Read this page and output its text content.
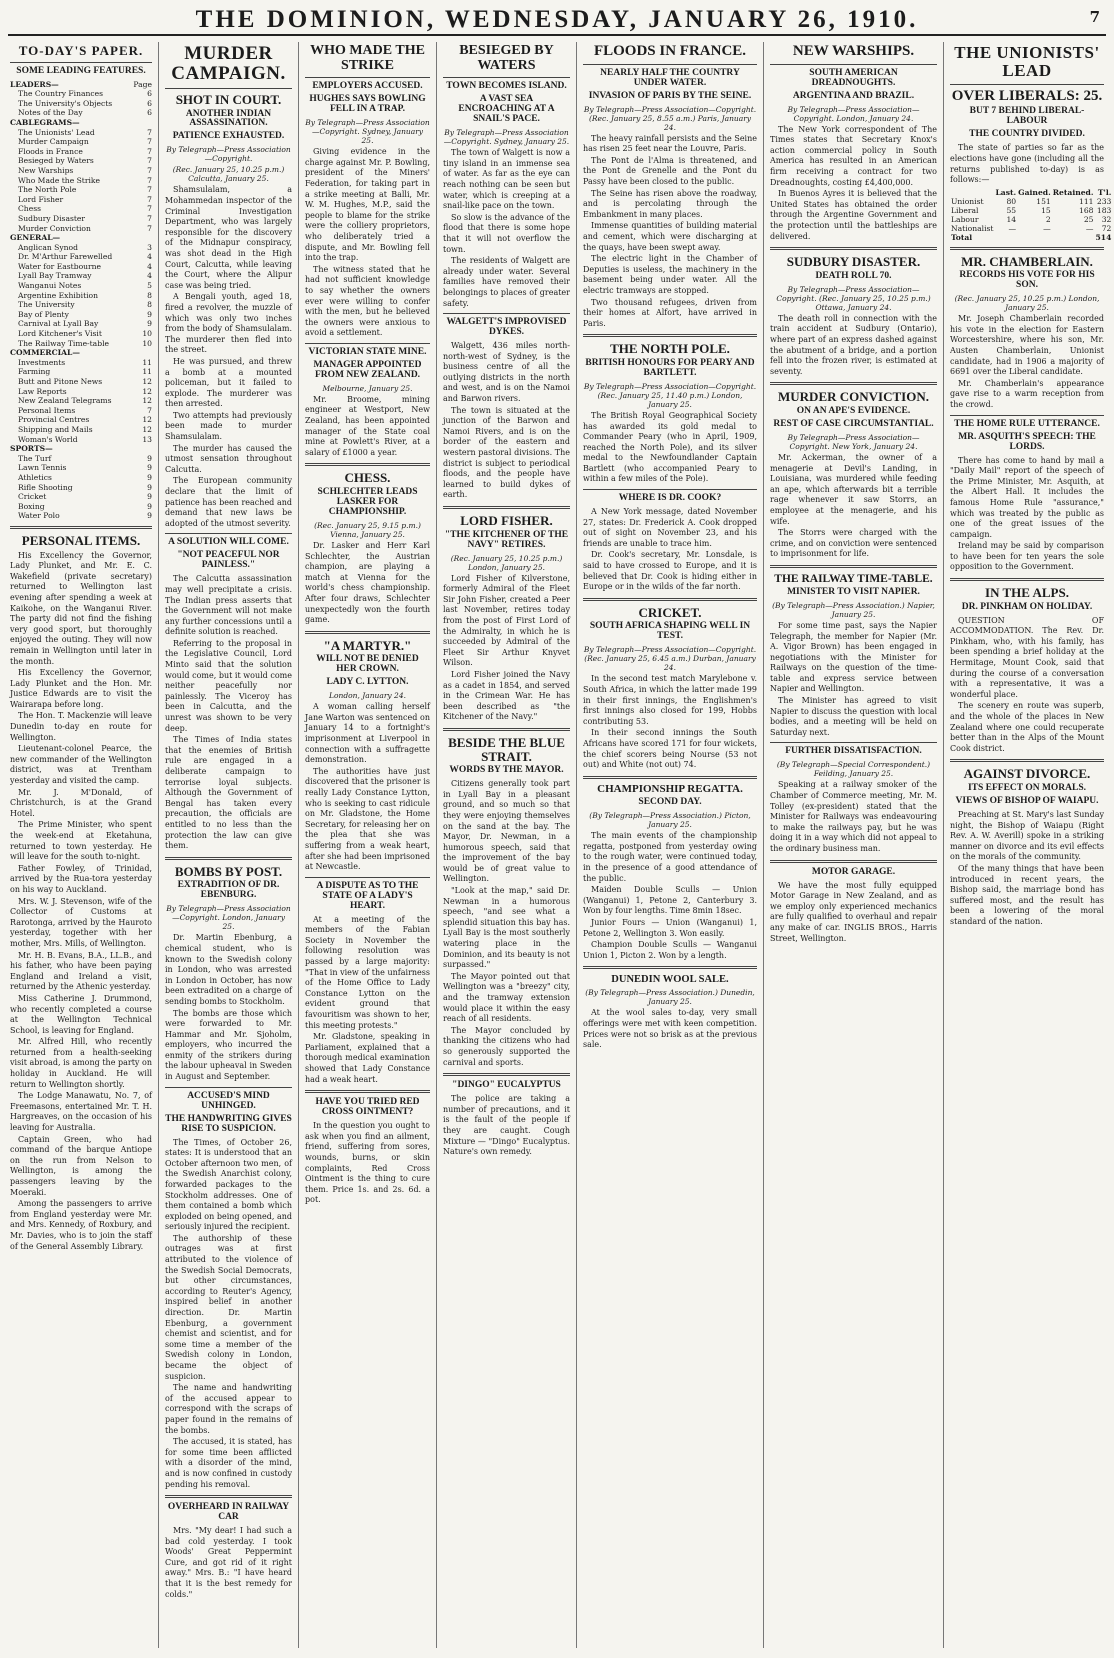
THE DOMINION, WEDNESDAY, JANUARY 26, 1910.	7
TO-DAY'S PAPER.
SOME LEADING FEATURES.
LEADERS—	Page
The Country Finances	6
The University's Objects	6
Notes of the Day	6
CABLEGRAMS—
The Unionists' Lead	7
Murder Campaign	7
Floods in France	7
Besieged by Waters	7
New Warships	7
Who Made the Strike	7
The North Pole	7
Lord Fisher	7
Chess	7
Sudbury Disaster	7
Murder Conviction	7
GENERAL—
Anglican Synod	3
Dr. M'Arthur Farewelled	4
Water for Eastbourne	4
Lyall Bay Tramway	4
Wanganui Notes	5
Argentine Exhibition	8
The University	8
Bay of Plenty	9
Carnival at Lyall Bay	9
Lord Kitchener's Visit	10
The Railway Time-table	10
COMMERCIAL—
Investments	11
Farming	11
Butt and Pitone News	12
Law Reports	12
New Zealand Telegrams	12
Personal Items	7
Provincial Centres	12
Shipping and Mails	12
Woman's World	13
SPORTS—
The Turf	9
Lawn Tennis	9
Athletics	9
Rifle Shooting	9
Cricket	9
Boxing	9
Water Polo	9
PERSONAL ITEMS.

His Excellency the Governor, Lady Plunket, and Mr. E. C. Wakefield (private secretary) returned to Wellington last evening after spending a week at Kaikohe, on the Wanganui River. The party did not find the fishing very good sport, but thoroughly enjoyed the outing. They will now remain in Wellington until later in the month.

His Excellency the Governor, Lady Plunket and the Hon. Mr. Justice Edwards are to visit the Wairarapa before long.

The Hon. T. Mackenzie will leave Dunedin to-day en route for Wellington.

Lieutenant-colonel Pearce, the new commander of the Wellington district, was at Trentham yesterday and visited the camp.

Mr. J. M'Donald, of Christchurch, is at the Grand Hotel.

The Prime Minister, who spent the week-end at Eketahuna, returned to town yesterday. He will leave for the south to-night.

Father Fowley, of Trinidad, arrived by the Rua-tora yesterday on his way to Auckland.

Mrs. W. J. Stevenson, wife of the Collector of Customs at Rarotonga, arrived by the Hauroto yesterday, together with her mother, Mrs. Mills, of Wellington.

Mr. H. B. Evans, B.A., LL.B., and his father, who have been paying England and Ireland a visit, returned by the Athenic yesterday.

Miss Catherine J. Drummond, who recently completed a course at the Wellington Technical School, is leaving for England.

Mr. Alfred Hill, who recently returned from a health-seeking visit abroad, is among the party on holiday in Auckland. He will return to Wellington shortly.

The Lodge Manawatu, No. 7, of Freemasons, entertained Mr. T. H. Hargreaves, on the occasion of his leaving for Australia.

Captain Green, who had command of the barque Antiope on the run from Nelson to Wellington, is among the passengers leaving by the Moeraki.

Among the passengers to arrive from England yesterday were Mr. and Mrs. Kennedy, of Roxbury, and Mr. Davies, who is to join the staff of the General Assembly Library.

MURDER CAMPAIGN.
SHOT IN COURT.
ANOTHER INDIAN ASSASSINATION.
PATIENCE EXHAUSTED.
By Telegraph—Press Association—Copyright.
(Rec. January 25, 10.25 p.m.) Calcutta, January 25.

Shamsulalam, a Mohammedan inspector of the Criminal Investigation Department, who was largely responsible for the discovery of the Midnapur conspiracy, was shot dead in the High Court, Calcutta, while leaving the Court, where the Alipur case was being tried.

A Bengali youth, aged 18, fired a revolver, the muzzle of which was only two inches from the body of Shamsulalam. The murderer then fled into the street.

He was pursued, and threw a bomb at a mounted policeman, but it failed to explode. The murderer was then arrested.

Two attempts had previously been made to murder Shamsulalam.

The murder has caused the utmost sensation throughout Calcutta.

The European community declare that the limit of patience has been reached and demand that new laws be adopted of the utmost severity.

A SOLUTION WILL COME.
"NOT PEACEFUL NOR PAINLESS."

The Calcutta assassination may well precipitate a crisis. The Indian press asserts that the Government will not make any further concessions until a definite solution is reached.

Referring to the proposal in the Legislative Council, Lord Minto said that the solution would come, but it would come neither peacefully nor painlessly. The Viceroy has been in Calcutta, and the unrest was shown to be very deep.

The Times of India states that the enemies of British rule are engaged in a deliberate campaign to terrorise loyal subjects. Although the Government of Bengal has taken every precaution, the officials are entitled to no less than the protection the law can give them.

BOMBS BY POST.
EXTRADITION OF DR. EBENBURG.
By Telegraph—Press Association—Copyright. London, January 25.

Dr. Martin Ebenburg, a chemical student, who is known to the Swedish colony in London, who was arrested in London in October, has now been extradited on a charge of sending bombs to Stockholm.

The bombs are those which were forwarded to Mr. Hammar and Mr. Sjoholm, employers, who incurred the enmity of the strikers during the labour upheaval in Sweden in August and September.

ACCUSED'S MIND UNHINGED.
THE HANDWRITING GIVES RISE TO SUSPICION.

The Times, of October 26, states: It is understood that an October afternoon two men, of the Swedish Anarchist colony, forwarded packages to the Stockholm addresses. One of them contained a bomb which exploded on being opened, and seriously injured the recipient.

The authorship of these outrages was at first attributed to the violence of the Swedish Social Democrats, but other circumstances, according to Reuter's Agency, inspired belief in another direction. Dr. Martin Ebenburg, a government chemist and scientist, and for some time a member of the Swedish colony in London, became the object of suspicion.

The name and handwriting of the accused appear to correspond with the scraps of paper found in the remains of the bombs.

The accused, it is stated, has for some time been afflicted with a disorder of the mind, and is now confined in custody pending his removal.

OVERHEARD IN RAILWAY CAR

Mrs. "My dear! I had such a bad cold yesterday. I took Woods' Great Peppermint Cure, and got rid of it right away." Mrs. B.: "I have heard that it is the best remedy for colds."

WHO MADE THE STRIKE
EMPLOYERS ACCUSED.
HUGHES SAYS BOWLING FELL IN A TRAP.
By Telegraph—Press Association—Copyright. Sydney, January 25.

Giving evidence in the charge against Mr. P. Bowling, president of the Miners' Federation, for taking part in a strike meeting at Balli, Mr. W. M. Hughes, M.P., said the people to blame for the strike were the colliery proprietors, who deliberately tried a dispute, and Mr. Bowling fell into the trap.

The witness stated that he had not sufficient knowledge to say whether the owners ever were willing to confer with the men, but he believed the owners were anxious to avoid a settlement.

VICTORIAN STATE MINE.
MANAGER APPOINTED FROM NEW ZEALAND.
Melbourne, January 25.

Mr. Broome, mining engineer at Westport, New Zealand, has been appointed manager of the State coal mine at Powlett's River, at a salary of £1000 a year.

CHESS.
SCHLECHTER LEADS LASKER FOR CHAMPIONSHIP.
(Rec. January 25, 9.15 p.m.) Vienna, January 25.

Dr. Lasker and Herr Karl Schlechter, the Austrian champion, are playing a match at Vienna for the world's chess championship. After four draws, Schlechter unexpectedly won the fourth game.

"A MARTYR."
WILL NOT BE DENIED HER CROWN.
LADY C. LYTTON.
London, January 24.

A woman calling herself Jane Warton was sentenced on January 14 to a fortnight's imprisonment at Liverpool in connection with a suffragette demonstration.

The authorities have just discovered that the prisoner is really Lady Constance Lytton, who is seeking to cast ridicule on Mr. Gladstone, the Home Secretary, for releasing her on the plea that she was suffering from a weak heart, after she had been imprisoned at Newcastle.

A DISPUTE AS TO THE STATE OF A LADY'S HEART.

At a meeting of the members of the Fabian Society in November the following resolution was passed by a large majority: "That in view of the unfairness of the Home Office to Lady Constance Lytton on the evident ground that favouritism was shown to her, this meeting protests."

Mr. Gladstone, speaking in Parliament, explained that a thorough medical examination showed that Lady Constance had a weak heart.

HAVE YOU TRIED RED CROSS OINTMENT?

In the question you ought to ask when you find an ailment, friend, suffering from sores, wounds, burns, or skin complaints, Red Cross Ointment is the thing to cure them. Price 1s. and 2s. 6d. a pot.

BESIEGED BY WATERS
TOWN BECOMES ISLAND.
A VAST SEA ENCROACHING AT A SNAIL'S PACE.
By Telegraph—Press Association—Copyright. Sydney, January 25.

The town of Walgett is now a tiny island in an immense sea of water. As far as the eye can reach nothing can be seen but water, which is creeping at a snail-like pace on the town.

So slow is the advance of the flood that there is some hope that it will not overflow the town.

The residents of Walgett are already under water. Several families have removed their belongings to places of greater safety.

WALGETT'S IMPROVISED DYKES.

Walgett, 436 miles north-north-west of Sydney, is the business centre of all the outlying districts in the north and west, and is on the Namoi and Barwon rivers.

The town is situated at the junction of the Barwon and Namoi Rivers, and is on the border of the eastern and western pastoral divisions. The district is subject to periodical floods, and the people have learned to build dykes of earth.

LORD FISHER.
"THE KITCHENER OF THE NAVY" RETIRES.
(Rec. January 25, 10.25 p.m.) London, January 25.

Lord Fisher of Kilverstone, formerly Admiral of the Fleet Sir John Fisher, created a Peer last November, retires today from the post of First Lord of the Admiralty, in which he is succeeded by Admiral of the Fleet Sir Arthur Knyvet Wilson.

Lord Fisher joined the Navy as a cadet in 1854, and served in the Crimean War. He has been described as "the Kitchener of the Navy."

BESIDE THE BLUE STRAIT.
WORDS BY THE MAYOR.

Citizens generally took part in Lyall Bay in a pleasant ground, and so much so that they were enjoying themselves on the sand at the bay. The Mayor, Dr. Newman, in a humorous speech, said that the improvement of the bay would be of great value to Wellington.

"Look at the map," said Dr. Newman in a humorous speech, "and see what a splendid situation this bay has. Lyall Bay is the most southerly watering place in the Dominion, and its beauty is not surpassed."

The Mayor pointed out that Wellington was a "breezy" city, and the tramway extension would place it within the easy reach of all residents.

The Mayor concluded by thanking the citizens who had so generously supported the carnival and sports.

"DINGO" EUCALYPTUS

The police are taking a number of precautions, and it is the fault of the people if they are caught. Cough Mixture — "Dingo" Eucalyptus. Nature's own remedy.

FLOODS IN FRANCE.
NEARLY HALF THE COUNTRY UNDER WATER.
INVASION OF PARIS BY THE SEINE.
By Telegraph—Press Association—Copyright. (Rec. January 25, 8.55 a.m.) Paris, January 24.

The heavy rainfall persists and the Seine has risen 25 feet near the Louvre, Paris.

The Pont de l'Alma is threatened, and the Pont de Grenelle and the Pont du Passy have been closed to the public.

The Seine has risen above the roadway, and is percolating through the Embankment in many places.

Immense quantities of building material and cement, which were discharging at the quays, have been swept away.

The electric light in the Chamber of Deputies is useless, the machinery in the basement being under water. All the electric tramways are stopped.

Two thousand refugees, driven from their homes at Alfort, have arrived in Paris.

THE NORTH POLE.
BRITISH HONOURS FOR PEARY AND BARTLETT.
By Telegraph—Press Association—Copyright. (Rec. January 25, 11.40 p.m.) London, January 25.

The British Royal Geographical Society has awarded its gold medal to Commander Peary (who in April, 1909, reached the North Pole), and its silver medal to the Newfoundlander Captain Bartlett (who accompanied Peary to within a few miles of the Pole).

WHERE IS DR. COOK?

A New York message, dated November 27, states: Dr. Frederick A. Cook dropped out of sight on November 23, and his friends are unable to trace him.

Dr. Cook's secretary, Mr. Lonsdale, is said to have crossed to Europe, and it is believed that Dr. Cook is hiding either in Europe or in the wilds of the far north.

CRICKET.
SOUTH AFRICA SHAPING WELL IN TEST.
By Telegraph—Press Association—Copyright. (Rec. January 25, 6.45 a.m.) Durban, January 24.

In the second test match Marylebone v. South Africa, in which the latter made 199 in their first innings, the Englishmen's first innings also closed for 199, Hobbs contributing 53.

In their second innings the South Africans have scored 171 for four wickets, the chief scorers being Nourse (53 not out) and White (not out) 74.

CHAMPIONSHIP REGATTA.
SECOND DAY.
(By Telegraph—Press Association.) Picton, January 25.

The main events of the championship regatta, postponed from yesterday owing to the rough water, were continued today, in the presence of a good attendance of the public.

Maiden Double Sculls — Union (Wanganui) 1, Petone 2, Canterbury 3. Won by four lengths. Time 8min 18sec.

Junior Fours — Union (Wanganui) 1, Petone 2, Wellington 3. Won easily.

Champion Double Sculls — Wanganui Union 1, Picton 2. Won by a length.

DUNEDIN WOOL SALE.
(By Telegraph—Press Association.) Dunedin, January 25.

At the wool sales to-day, very small offerings were met with keen competition. Prices were not so brisk as at the previous sale.

NEW WARSHIPS.
SOUTH AMERICAN DREADNOUGHTS.
ARGENTINA AND BRAZIL.
By Telegraph—Press Association—Copyright. London, January 24.

The New York correspondent of The Times states that Secretary Knox's action commercial policy in South America has resulted in an American firm receiving a contract for two Dreadnoughts, costing £4,400,000.

In Buenos Ayres it is believed that the United States has obtained the order through the Argentine Government and the protection until the battleships are delivered.

SUDBURY DISASTER.
DEATH ROLL 70.
By Telegraph—Press Association—Copyright. (Rec. January 25, 10.25 p.m.) Ottawa, January 24.

The death roll in connection with the train accident at Sudbury (Ontario), where part of an express dashed against the abutment of a bridge, and a portion fell into the frozen river, is estimated at seventy.

MURDER CONVICTION.
ON AN APE'S EVIDENCE.
REST OF CASE CIRCUMSTANTIAL.
By Telegraph—Press Association—Copyright. New York, January 24.

Mr. Ackerman, the owner of a menagerie at Devil's Landing, in Louisiana, was murdered while feeding an ape, which afterwards bit a terrible rage whenever it saw Storrs, an employee at the menagerie, and his wife.

The Storrs were charged with the crime, and on conviction were sentenced to imprisonment for life.

THE RAILWAY TIME-TABLE.
MINISTER TO VISIT NAPIER.
(By Telegraph—Press Association.) Napier, January 25.

For some time past, says the Napier Telegraph, the member for Napier (Mr. A. Vigor Brown) has been engaged in negotiations with the Minister for Railways on the question of the time-table and express service between Napier and Wellington.

The Minister has agreed to visit Napier to discuss the question with local bodies, and a meeting will be held on Saturday next.

FURTHER DISSATISFACTION.
(By Telegraph—Special Correspondent.) Feilding, January 25.

Speaking at a railway smoker of the Chamber of Commerce meeting, Mr. M. Tolley (ex-president) stated that the Minister for Railways was endeavouring to make the railways pay, but he was doing it in a way which did not appeal to the ordinary business man.

MOTOR GARAGE.

We have the most fully equipped Motor Garage in New Zealand, and as we employ only experienced mechanics are fully qualified to overhaul and repair any make of car. INGLIS BROS., Harris Street, Wellington.

THE UNIONISTS' LEAD
OVER LIBERALS: 25.
BUT 7 BEHIND LIBERAL-LABOUR
THE COUNTRY DIVIDED.

The state of parties so far as the elections have gone (including all the returns published to-day) is as follows:—

	Last.	Gained.	Retained.	T'l.
Unionist	80	151	111	233
Liberal	55	15	168	183
Labour	14	2	25	32
Nationalist	—	—	—	72
Total				514
MR. CHAMBERLAIN.
RECORDS HIS VOTE FOR HIS SON.
(Rec. January 25, 10.25 p.m.) London, January 25.

Mr. Joseph Chamberlain recorded his vote in the election for Eastern Worcestershire, where his son, Mr. Austen Chamberlain, Unionist candidate, had in 1906 a majority of 6691 over the Liberal candidate.

Mr. Chamberlain's appearance gave rise to a warm reception from the crowd.

THE HOME RULE UTTERANCE.
MR. ASQUITH'S SPEECH: THE LORDS.

There has come to hand by mail a "Daily Mail" report of the speech of the Prime Minister, Mr. Asquith, at the Albert Hall. It includes the famous Home Rule "assurance," which was treated by the public as one of the great issues of the campaign.

Ireland may be said by comparison to have been for ten years the sole opposition to the Government.

IN THE ALPS.
DR. PINKHAM ON HOLIDAY.

QUESTION OF ACCOMMODATION. The Rev. Dr. Pinkham, who, with his family, has been spending a brief holiday at the Hermitage, Mount Cook, said that during the course of a conversation with a representative, it was a wonderful place.

The scenery en route was superb, and the whole of the places in New Zealand where one could recuperate better than in the Alps of the Mount Cook district.

AGAINST DIVORCE.
ITS EFFECT ON MORALS.
VIEWS OF BISHOP OF WAIAPU.

Preaching at St. Mary's last Sunday night, the Bishop of Waiapu (Right Rev. A. W. Averill) spoke in a striking manner on divorce and its evil effects on the morals of the community.

Of the many things that have been introduced in recent years, the Bishop said, the marriage bond has suffered most, and the result has been a lowering of the moral standard of the nation.
